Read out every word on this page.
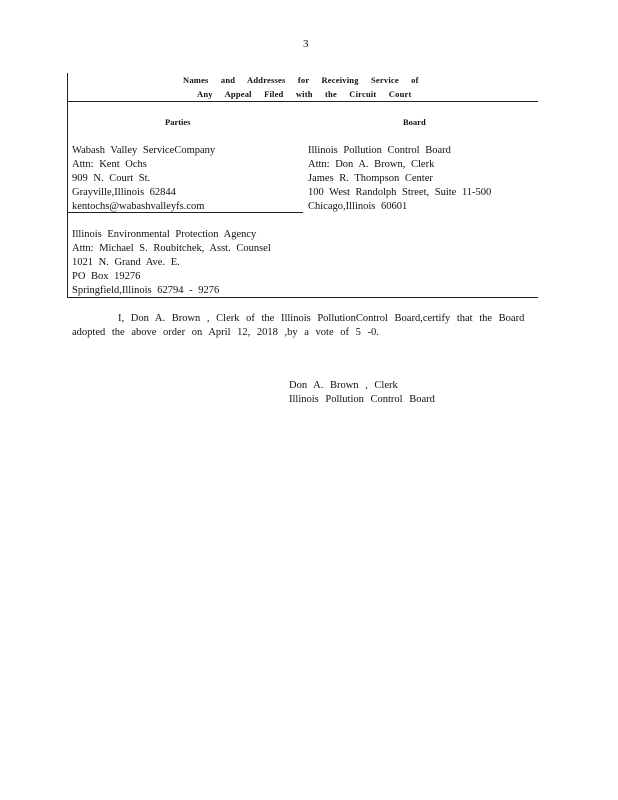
3
Names and Addresses for Receiving Service of
Any Appeal Filed with the Circuit Court
Parties	Board
Wabash Valley ServiceCompany
Attn: Kent Ochs
909 N. Court St.
Grayville,Illinois 62844
kentochs@wabashvalleyfs.com
Illinois Pollution Control Board
Attn: Don A. Brown, Clerk
James R. Thompson Center
100 West Randolph Street, Suite 11-500
Chicago,Illinois 60601
Illinois Environmental Protection Agency
Attn: Michael S. Roubitchek, Asst. Counsel
1021 N. Grand Ave. E.
PO Box 19276
Springfield,Illinois 62794 - 9276
I, Don A. Brown , Clerk of the Illinois PollutionControl Board,certify that the Board
adopted the above order on April 12, 2018 ,by a vote of 5 -0.
Don A. Brown , Clerk
Illinois Pollution Control Board
